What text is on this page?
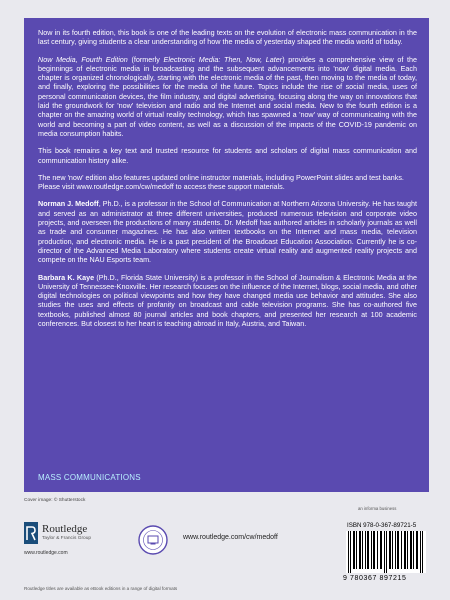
Now in its fourth edition, this book is one of the leading texts on the evolution of electronic mass communication in the last century, giving students a clear understanding of how the media of yesterday shaped the media world of today.

Now Media, Fourth Edition (formerly Electronic Media: Then, Now, Later) provides a comprehensive view of the beginnings of electronic media in broadcasting and the subsequent advancements into 'now' digital media. Each chapter is organized chronologically, starting with the electronic media of the past, then moving to the media of today, and finally, exploring the possibilities for the media of the future. Topics include the rise of social media, uses of personal communication devices, the film industry, and digital advertising, focusing along the way on innovations that laid the groundwork for 'now' television and radio and the Internet and social media. New to the fourth edition is a chapter on the amazing world of virtual reality technology, which has spawned a 'now' way of communicating with the world and becoming a part of video content, as well as a discussion of the impacts of the COVID-19 pandemic on media consumption habits.

This book remains a key text and trusted resource for students and scholars of digital mass communication and communication history alike.

The new 'now' edition also features updated online instructor materials, including PowerPoint slides and test banks. Please visit www.routledge.com/cw/medoff to access these support materials.

Norman J. Medoff, Ph.D., is a professor in the School of Communication at Northern Arizona University. He has taught and served as an administrator at three different universities, produced numerous television and corporate video projects, and overseen the productions of many students. Dr. Medoff has authored articles in scholarly journals as well as trade and consumer magazines. He has also written textbooks on the Internet and mass media, television production, and electronic media. He is a past president of the Broadcast Education Association. Currently he is co-director of the Advanced Media Laboratory where students create virtual reality and augmented reality projects and compete on the NAU Esports team.

Barbara K. Kaye (Ph.D., Florida State University) is a professor in the School of Journalism & Electronic Media at the University of Tennessee-Knoxville. Her research focuses on the influence of the Internet, blogs, social media, and other digital technologies on political viewpoints and how they have changed media use behavior and attitudes. She also studies the uses and effects of profanity on broadcast and cable television programs. She has co-authored five textbooks, published almost 80 journal articles and book chapters, and presented her research at 100 academic conferences. But closest to her heart is teaching abroad in Italy, Austria, and Taiwan.

MASS COMMUNICATIONS
Cover image: © Shutterstock
Routledge
Taylor & Francis Group
www.routledge.com
www.routledge.com/cw/medoff
an informa business
ISBN 978-0-367-89721-5
9 780367 897215
Routledge titles are available as eBook editions in a range of digital formats
